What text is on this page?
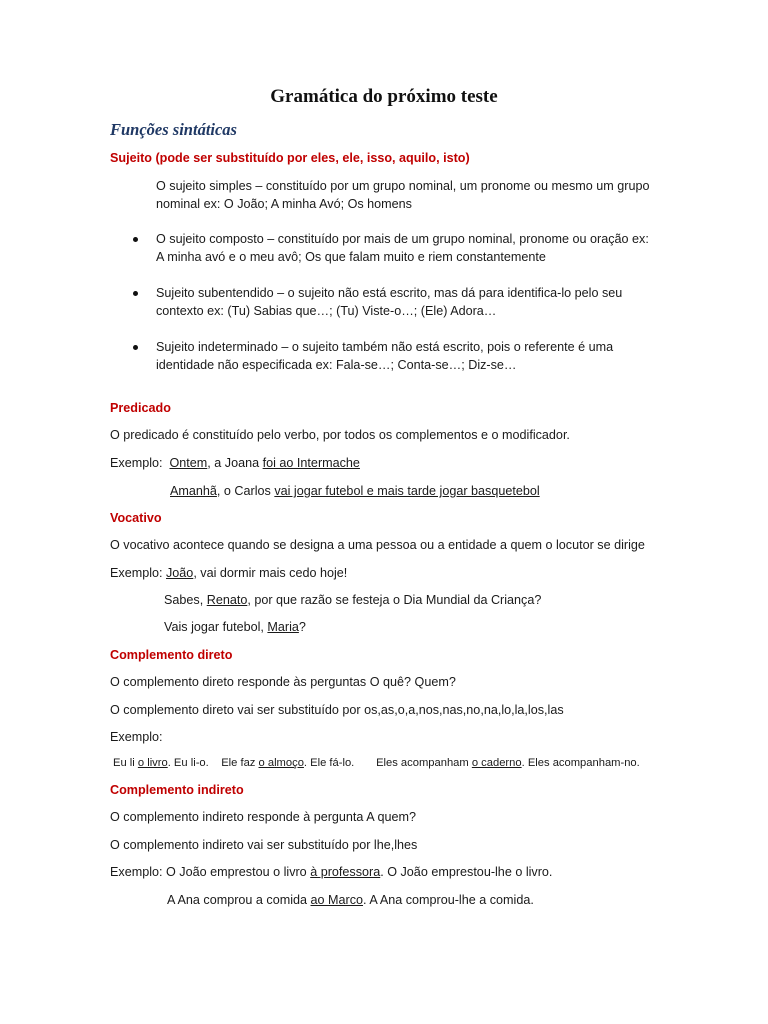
Gramática do próximo teste
Funções sintáticas
Sujeito (pode ser substituído por eles, ele, isso, aquilo, isto)
O sujeito simples – constituído por um grupo nominal, um pronome ou mesmo um grupo nominal ex: O João; A minha Avó; Os homens
O sujeito composto – constituído por mais de um grupo nominal, pronome ou oração ex: A minha avó e o meu avô; Os que falam muito e riem constantemente
Sujeito subentendido – o sujeito não está escrito, mas dá para identifica-lo pelo seu contexto ex: (Tu) Sabias que…; (Tu) Viste-o…; (Ele) Adora…
Sujeito indeterminado – o sujeito também não está escrito, pois o referente é uma identidade não especificada ex: Fala-se…; Conta-se…; Diz-se…
Predicado
O predicado é constituído pelo verbo, por todos os complementos e o modificador.
Exemplo: Ontem, a Joana foi ao Intermache
Amanhã, o Carlos vai jogar futebol e mais tarde jogar basquetebol
Vocativo
O vocativo acontece quando se designa a uma pessoa ou a entidade a quem o locutor se dirige
Exemplo: João, vai dormir mais cedo hoje!
Sabes, Renato, por que razão se festeja o Dia Mundial da Criança?
Vais jogar futebol, Maria?
Complemento direto
O complemento direto responde às perguntas O quê? Quem?
O complemento direto vai ser substituído por os,as,o,a,nos,nas,no,na,lo,la,los,las
Exemplo:
Eu li o livro. Eu li-o. Ele faz o almoço. Ele fá-lo. Eles acompanham o caderno. Eles acompanham-no.
Complemento indireto
O complemento indireto responde à pergunta A quem?
O complemento indireto vai ser substituído por lhe,lhes
Exemplo: O João emprestou o livro à professora. O João emprestou-lhe o livro.
A Ana comprou a comida ao Marco. A Ana comprou-lhe a comida.
